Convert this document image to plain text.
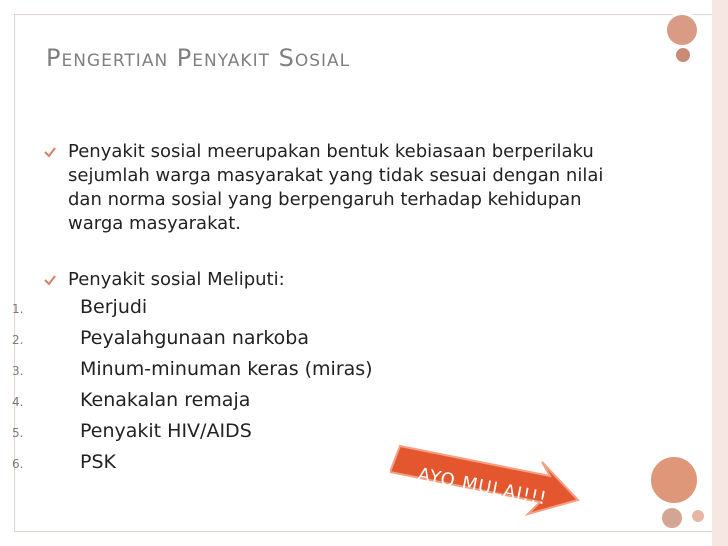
Pengertian Penyakit Sosial
Penyakit sosial meerupakan bentuk kebiasaan berperilaku sejumlah warga masyarakat yang tidak sesuai dengan nilai dan norma sosial yang berpengaruh terhadap kehidupan warga masyarakat.
Penyakit sosial Meliputi:
1.	Berjudi
2.	Peyalahgunaan narkoba
3.	Minum-minuman keras (miras)
4.	Kenakalan remaja
5.	Penyakit HIV/AIDS
6.	PSK
AYO MULAI!!!
